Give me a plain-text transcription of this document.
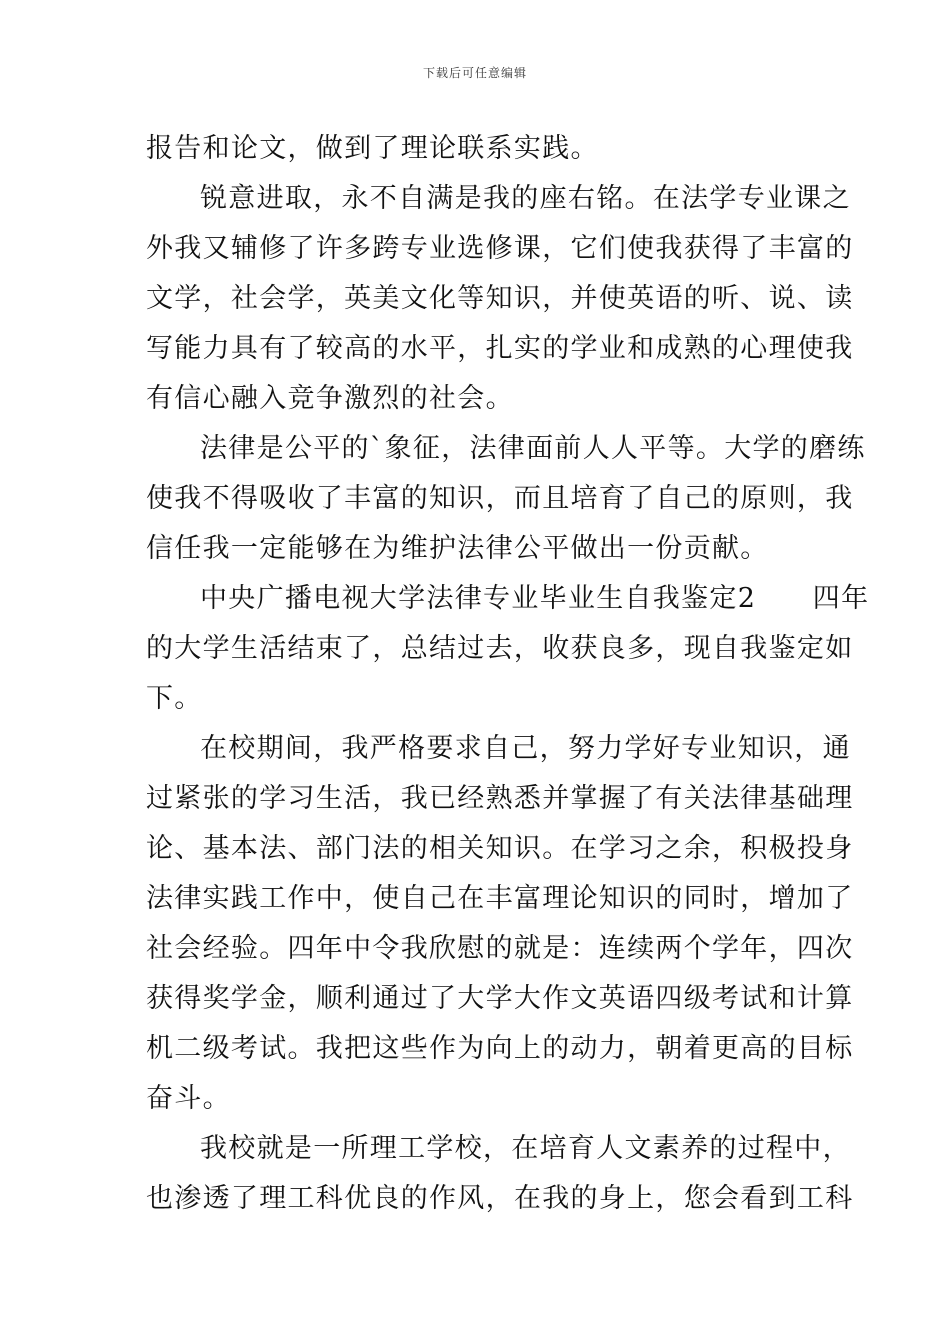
下载后可任意编辑
报告和论文，做到了理论联系实践。
锐意进取，永不自满是我的座右铭。在法学专业课之
外我又辅修了许多跨专业选修课，它们使我获得了丰富的
文学，社会学，英美文化等知识，并使英语的听、说、读
写能力具有了较高的水平，扎实的学业和成熟的心理使我
有信心融入竞争激烈的社会。
法律是公平的`象征，法律面前人人平等。大学的磨练
使我不得吸收了丰富的知识，而且培育了自己的原则，我
信任我一定能够在为维护法律公平做出一份贡献。
中央广播电视大学法律专业毕业生自我鉴定2　　四年
的大学生活结束了，总结过去，收获良多，现自我鉴定如
下。
在校期间，我严格要求自己，努力学好专业知识，通
过紧张的学习生活，我已经熟悉并掌握了有关法律基础理
论、基本法、部门法的相关知识。在学习之余，积极投身
法律实践工作中，使自己在丰富理论知识的同时，增加了
社会经验。四年中令我欣慰的就是：连续两个学年，四次
获得奖学金，顺利通过了大学大作文英语四级考试和计算
机二级考试。我把这些作为向上的动力，朝着更高的目标
奋斗。
我校就是一所理工学校，在培育人文素养的过程中，
也渗透了理工科优良的作风，在我的身上，您会看到工科
